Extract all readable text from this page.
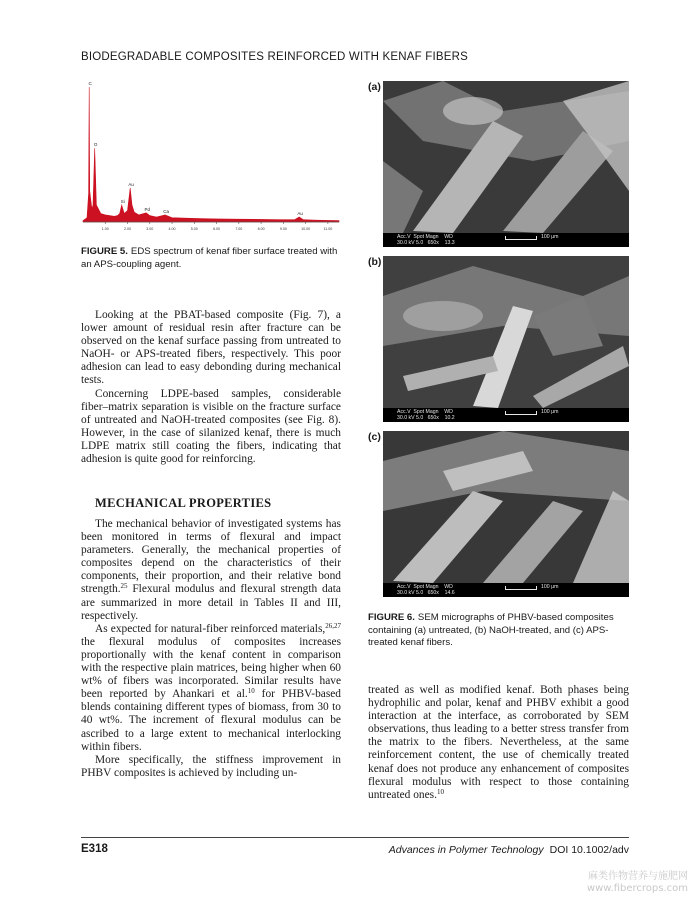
BIODEGRADABLE COMPOSITES REINFORCED WITH KENAF FIBERS
1.00	2.00	3.00	4.00	5.00	6.00	7.00	8.00	9.00	10.00	11.00
C
O
Au
Si
Pd	Ca	Au
FIGURE 5. EDS spectrum of kenaf fiber surface treated with an APS-coupling agent.

Looking at the PBAT-based composite (Fig. 7), a lower amount of residual resin after fracture can be observed on the kenaf surface passing from untreated to NaOH- or APS-treated fibers, respectively. This poor adhesion can lead to easy debonding during mechanical tests.

Concerning LDPE-based samples, considerable fiber–matrix separation is visible on the fracture surface of untreated and NaOH-treated composites (see Fig. 8). However, in the case of silanized kenaf, there is much LDPE matrix still coating the fibers, indicating that adhesion is quite good for reinforcing.

MECHANICAL PROPERTIES

The mechanical behavior of investigated systems has been monitored in terms of flexural and impact parameters. Generally, the mechanical properties of composites depend on the characteristics of their components, their proportion, and their relative bond strength.$^{25}$ Flexural modulus and flexural strength data are summarized in more detail in Tables II and III, respectively.

As expected for natural-fiber reinforced materials,$^{26,27}$ the flexural modulus of composites increases proportionally with the kenaf content in comparison with the respective plain matrices, being higher when 60 wt% of fibers was incorporated. Similar results have been reported by Ahankari et al.$^{10}$ for PHBV-based blends containing different types of biomass, from 30 to 40 wt%. The increment of flexural modulus can be ascribed to a large extent to mechanical interlocking within fibers.

More specifically, the stiffness improvement in PHBV composites is achieved by including un-

(a)
Acc.V  Spot Magn    WD
30.0 kV 5.0   650x    13.3
100 μm
(b)
Acc.V  Spot Magn    WD
30.0 kV 5.0   650x    10.2
100 μm
(c)
Acc.V  Spot Magn    WD
30.0 kV 5.0   650x    14.6
100 μm
FIGURE 6. SEM micrographs of PHBV-based composites containing (a) untreated, (b) NaOH-treated, and (c) APS-treated kenaf fibers.

treated as well as modified kenaf. Both phases being hydrophilic and polar, kenaf and PHBV exhibit a good interaction at the interface, as corroborated by SEM observations, thus leading to a better stress transfer from the matrix to the fibers. Nevertheless, at the same reinforcement content, the use of chemically treated kenaf does not produce any enhancement of composites flexural modulus with respect to those containing untreated ones.$^{10}$

E318	Advances in Polymer Technology DOI 10.1002/adv
麻类作物营养与施肥网
www.fibercrops.com
